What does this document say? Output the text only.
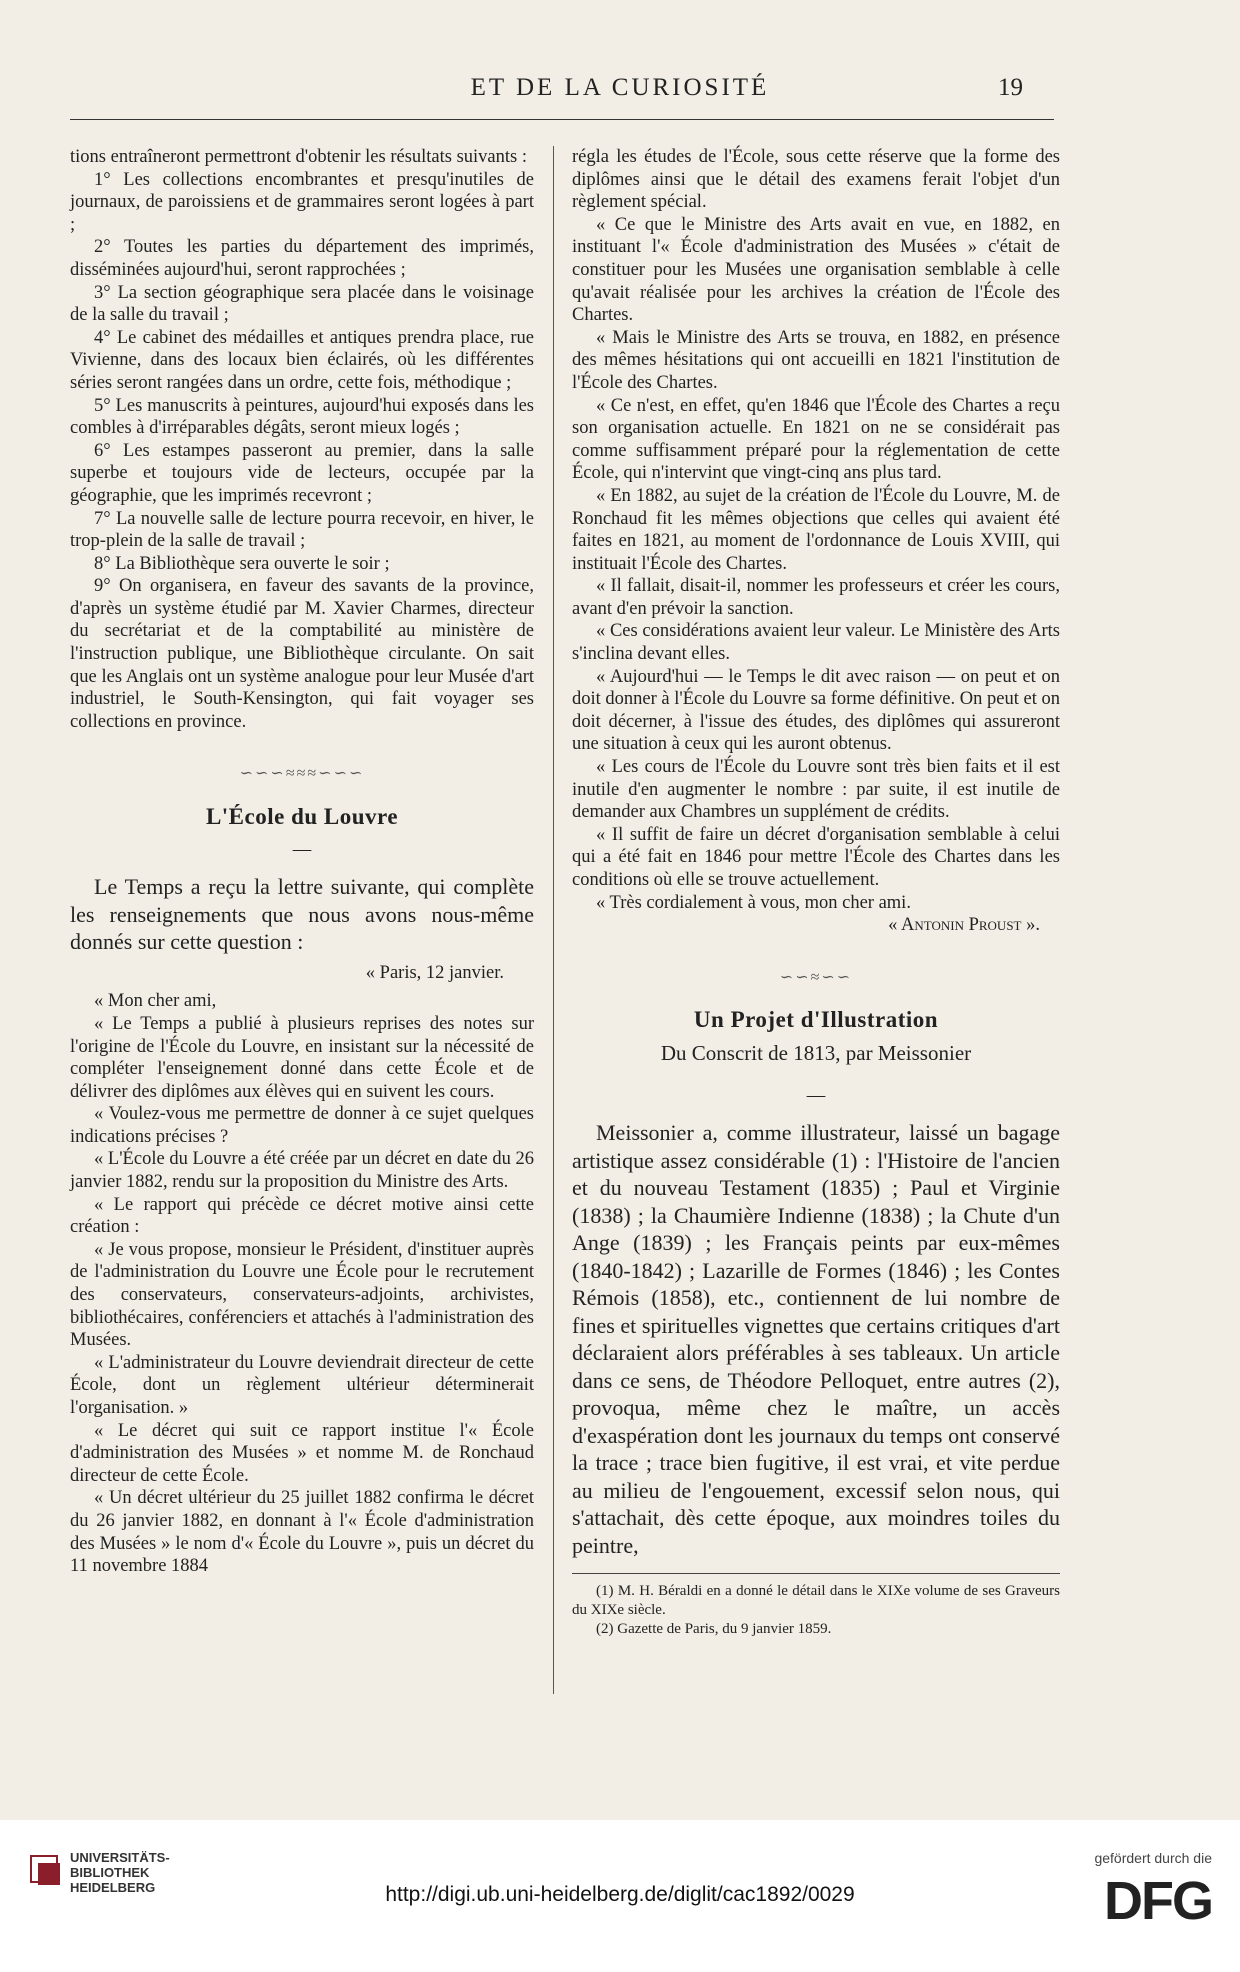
ET DE LA CURIOSITÉ	19

tions entraîneront permettront d'obtenir les résultats suivants :

1° Les collections encombrantes et presqu'inutiles de journaux, de paroissiens et de grammaires seront logées à part ;

2° Toutes les parties du département des imprimés, disséminées aujourd'hui, seront rapprochées ;

3° La section géographique sera placée dans le voisinage de la salle du travail ;

4° Le cabinet des médailles et antiques prendra place, rue Vivienne, dans des locaux bien éclairés, où les différentes séries seront rangées dans un ordre, cette fois, méthodique ;

5° Les manuscrits à peintures, aujourd'hui exposés dans les combles à d'irréparables dégâts, seront mieux logés ;

6° Les estampes passeront au premier, dans la salle superbe et toujours vide de lecteurs, occupée par la géographie, que les imprimés recevront ;

7° La nouvelle salle de lecture pourra recevoir, en hiver, le trop-plein de la salle de travail ;

8° La Bibliothèque sera ouverte le soir ;

9° On organisera, en faveur des savants de la province, d'après un système étudié par M. Xavier Charmes, directeur du secrétariat et de la comptabilité au ministère de l'instruction publique, une Bibliothèque circulante. On sait que les Anglais ont un système analogue pour leur Musée d'art industriel, le South-Kensington, qui fait voyager ses collections en province.

∽∽∽≈≈≈∽∽∽
L'École du Louvre
—

Le Temps a reçu la lettre suivante, qui complète les renseignements que nous avons nous-même donnés sur cette question :

« Paris, 12 janvier.

« Mon cher ami,

« Le Temps a publié à plusieurs reprises des notes sur l'origine de l'École du Louvre, en insistant sur la nécessité de compléter l'enseignement donné dans cette École et de délivrer des diplômes aux élèves qui en suivent les cours.

« Voulez-vous me permettre de donner à ce sujet quelques indications précises ?

« L'École du Louvre a été créée par un décret en date du 26 janvier 1882, rendu sur la proposition du Ministre des Arts.

« Le rapport qui précède ce décret motive ainsi cette création :

« Je vous propose, monsieur le Président, d'instituer auprès de l'administration du Louvre une École pour le recrutement des conservateurs, conservateurs-adjoints, archivistes, bibliothécaires, conférenciers et attachés à l'administration des Musées.

« L'administrateur du Louvre deviendrait directeur de cette École, dont un règlement ultérieur déterminerait l'organisation. »

« Le décret qui suit ce rapport institue l'« École d'administration des Musées » et nomme M. de Ronchaud directeur de cette École.

« Un décret ultérieur du 25 juillet 1882 confirma le décret du 26 janvier 1882, en donnant à l'« École d'administration des Musées » le nom d'« École du Louvre », puis un décret du 11 novembre 1884

régla les études de l'École, sous cette réserve que la forme des diplômes ainsi que le détail des examens ferait l'objet d'un règlement spécial.

« Ce que le Ministre des Arts avait en vue, en 1882, en instituant l'« École d'administration des Musées » c'était de constituer pour les Musées une organisation semblable à celle qu'avait réalisée pour les archives la création de l'École des Chartes.

« Mais le Ministre des Arts se trouva, en 1882, en présence des mêmes hésitations qui ont accueilli en 1821 l'institution de l'École des Chartes.

« Ce n'est, en effet, qu'en 1846 que l'École des Chartes a reçu son organisation actuelle. En 1821 on ne se considérait pas comme suffisamment préparé pour la réglementation de cette École, qui n'intervint que vingt-cinq ans plus tard.

« En 1882, au sujet de la création de l'École du Louvre, M. de Ronchaud fit les mêmes objections que celles qui avaient été faites en 1821, au moment de l'ordonnance de Louis XVIII, qui instituait l'École des Chartes.

« Il fallait, disait-il, nommer les professeurs et créer les cours, avant d'en prévoir la sanction.

« Ces considérations avaient leur valeur. Le Ministère des Arts s'inclina devant elles.

« Aujourd'hui — le Temps le dit avec raison — on peut et on doit donner à l'École du Louvre sa forme définitive. On peut et on doit décerner, à l'issue des études, des diplômes qui assureront une situation à ceux qui les auront obtenus.

« Les cours de l'École du Louvre sont très bien faits et il est inutile d'en augmenter le nombre : par suite, il est inutile de demander aux Chambres un supplément de crédits.

« Il suffit de faire un décret d'organisation semblable à celui qui a été fait en 1846 pour mettre l'École des Chartes dans les conditions où elle se trouve actuellement.

« Très cordialement à vous, mon cher ami.

« Antonin Proust ».

∽∽≈∽∽
Un Projet d'Illustration
Du Conscrit de 1813, par Meissonier
—

Meissonier a, comme illustrateur, laissé un bagage artistique assez considérable (1) : l'Histoire de l'ancien et du nouveau Testament (1835) ; Paul et Virginie (1838) ; la Chaumière Indienne (1838) ; la Chute d'un Ange (1839) ; les Français peints par eux-mêmes (1840-1842) ; Lazarille de Formes (1846) ; les Contes Rémois (1858), etc., contiennent de lui nombre de fines et spirituelles vignettes que certains critiques d'art déclaraient alors préférables à ses tableaux. Un article dans ce sens, de Théodore Pelloquet, entre autres (2), provoqua, même chez le maître, un accès d'exaspération dont les journaux du temps ont conservé la trace ; trace bien fugitive, il est vrai, et vite perdue au milieu de l'engouement, excessif selon nous, qui s'attachait, dès cette époque, aux moindres toiles du peintre,

(1) M. H. Béraldi en a donné le détail dans le XIXe volume de ses Graveurs du XIXe siècle.

(2) Gazette de Paris, du 9 janvier 1859.

UNIVERSITÄTS-
BIBLIOTHEK
HEIDELBERG	http://digi.ub.uni-heidelberg.de/diglit/cac1892/0029
gefördert durch die
DFG
